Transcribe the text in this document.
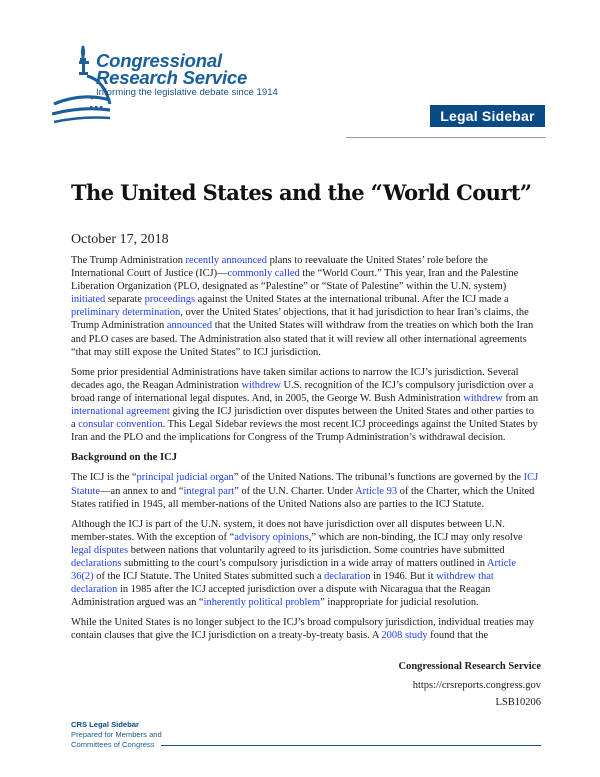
Congressional
Research Service
Informing the legislative debate since 1914
Legal Sidebar
The United States and the “World Court”
October 17, 2018

The Trump Administration recently announced plans to reevaluate the United States’ role before the International Court of Justice (ICJ)—commonly called the “World Court.” This year, Iran and the Palestine Liberation Organization (PLO, designated as “Palestine” or “State of Palestine” within the U.N. system) initiated separate proceedings against the United States at the international tribunal. After the ICJ made a preliminary determination, over the United States’ objections, that it had jurisdiction to hear Iran’s claims, the Trump Administration announced that the United States will withdraw from the treaties on which both the Iran and PLO cases are based. The Administration also stated that it will review all other international agreements “that may still expose the United States” to ICJ jurisdiction.

Some prior presidential Administrations have taken similar actions to narrow the ICJ’s jurisdiction. Several decades ago, the Reagan Administration withdrew U.S. recognition of the ICJ’s compulsory jurisdiction over a broad range of international legal disputes. And, in 2005, the George W. Bush Administration withdrew from an international agreement giving the ICJ jurisdiction over disputes between the United States and other parties to a consular convention. This Legal Sidebar reviews the most recent ICJ proceedings against the United States by Iran and the PLO and the implications for Congress of the Trump Administration’s withdrawal decision.

Background on the ICJ

The ICJ is the “principal judicial organ” of the United Nations. The tribunal’s functions are governed by the ICJ Statute—an annex to and “integral part” of the U.N. Charter. Under Article 93 of the Charter, which the United States ratified in 1945, all member-nations of the United Nations also are parties to the ICJ Statute.

Although the ICJ is part of the U.N. system, it does not have jurisdiction over all disputes between U.N. member-states. With the exception of “advisory opinions,” which are non-binding, the ICJ may only resolve legal disputes between nations that voluntarily agreed to its jurisdiction. Some countries have submitted declarations submitting to the court’s compulsory jurisdiction in a wide array of matters outlined in Article 36(2) of the ICJ Statute. The United States submitted such a declaration in 1946. But it withdrew that declaration in 1985 after the ICJ accepted jurisdiction over a dispute with Nicaragua that the Reagan Administration argued was an “inherently political problem” inappropriate for judicial resolution.

While the United States is no longer subject to the ICJ’s broad compulsory jurisdiction, individual treaties may contain clauses that give the ICJ jurisdiction on a treaty-by-treaty basis. A 2008 study found that the

Congressional Research Service
https://crsreports.congress.gov
LSB10206
CRS Legal Sidebar
Prepared for Members and
Committees of Congress
